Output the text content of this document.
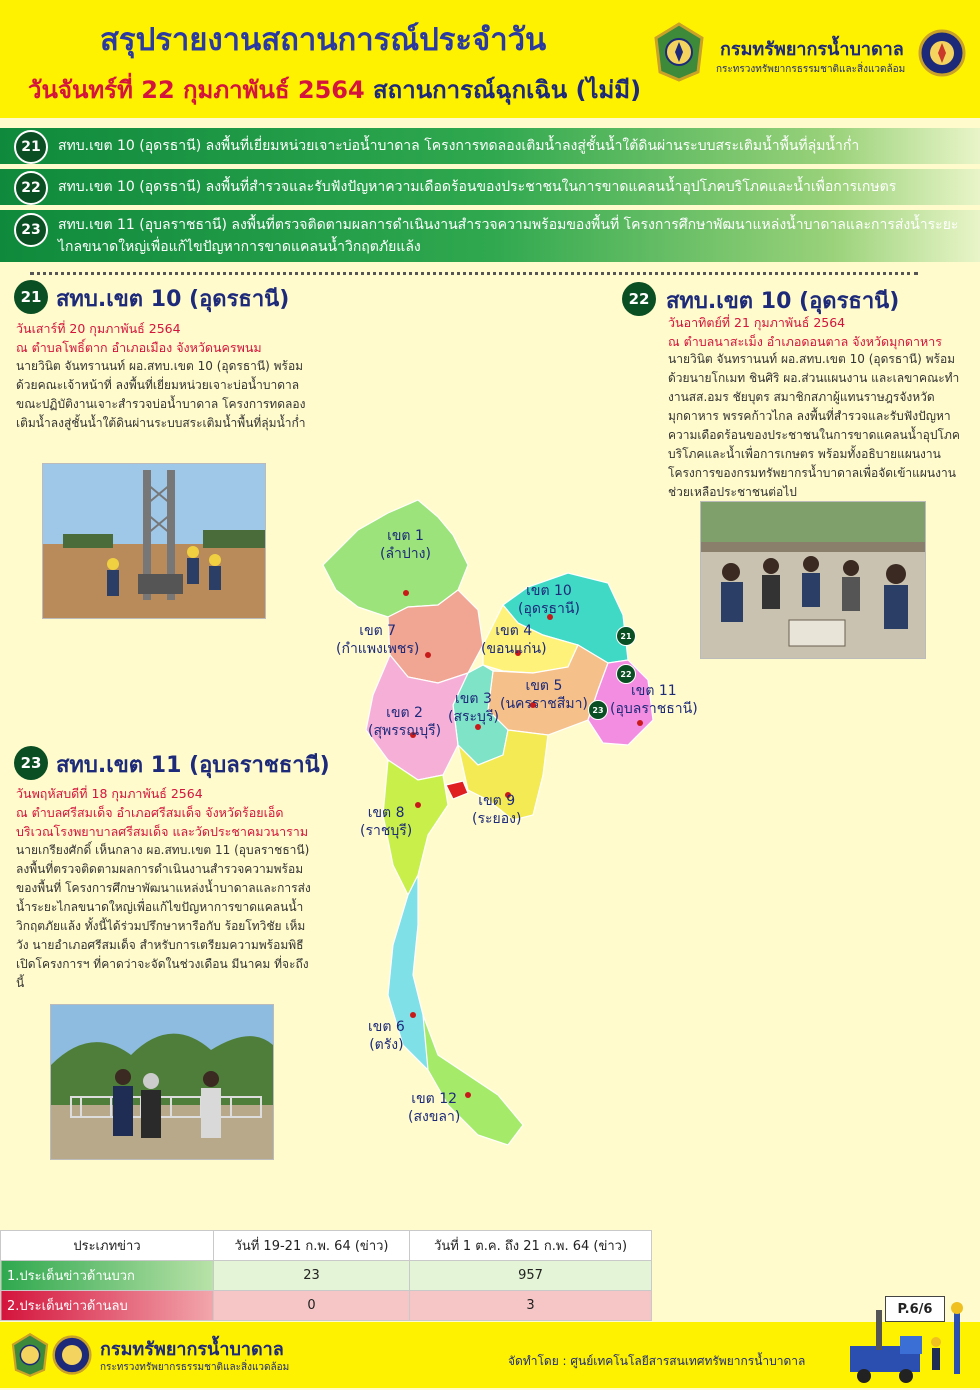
สรุปรายงานสถานการณ์ประจำวัน
วันจันทร์ที่ 22 กุมภาพันธ์ 2564 สถานการณ์ฉุกเฉิน (ไม่มี)
กรมทรัพยากรน้ำบาดาล
กระทรวงทรัพยากรธรรมชาติและสิ่งแวดล้อม
21	สทบ.เขต 10 (อุดรธานี) ลงพื้นที่เยี่ยมหน่วยเจาะบ่อน้ำบาดาล โครงการทดลองเติมน้ำลงสู่ชั้นน้ำใต้ดินผ่านระบบสระเติมน้ำพื้นที่ลุ่มน้ำก่ำ
22	สทบ.เขต 10 (อุดรธานี) ลงพื้นที่สำรวจและรับฟังปัญหาความเดือดร้อนของประชาชนในการขาดแคลนน้ำอุปโภคบริโภคและน้ำเพื่อการเกษตร
23	สทบ.เขต 11 (อุบลราชธานี) ลงพื้นที่ตรวจติดตามผลการดำเนินงานสำรวจความพร้อมของพื้นที่ โครงการศึกษาพัฒนาแหล่งน้ำบาดาลและการส่งน้ำระยะไกลขนาดใหญ่เพื่อแก้ไขปัญหาการขาดแคลนน้ำวิกฤตภัยแล้ง
21 สทบ.เขต 10 (อุดรธานี)
วันเสาร์ที่ 20 กุมภาพันธ์ 2564
ณ ตำบลโพธิ์ตาก อำเภอเมือง จังหวัดนครพนม
นายวินิต จันทรานนท์ ผอ.สทบ.เขต 10 (อุดรธานี) พร้อมด้วยคณะเจ้าหน้าที่ ลงพื้นที่เยี่ยมหน่วยเจาะบ่อน้ำบาดาลขณะปฏิบัติงานเจาะสำรวจบ่อน้ำบาดาล โครงการทดลองเติมน้ำลงสู่ชั้นน้ำใต้ดินผ่านระบบสระเติมน้ำพื้นที่ลุ่มน้ำก่ำ
22 สทบ.เขต 10 (อุดรธานี)
วันอาทิตย์ที่ 21 กุมภาพันธ์ 2564
ณ ตำบลนาสะเม็ง อำเภอดอนตาล จังหวัดมุกดาหาร
นายวินิต จันทรานนท์ ผอ.สทบ.เขต 10 (อุดรธานี) พร้อมด้วยนายโกเมท ชินศิริ ผอ.ส่วนแผนงาน และเลขาคณะทำงานสส.อมร ชัยบุตร สมาชิกสภาผู้แทนราษฎรจังหวัดมุกดาหาร พรรคก้าวไกล ลงพื้นที่สำรวจและรับฟังปัญหาความเดือดร้อนของประชาชนในการขาดแคลนน้ำอุปโภคบริโภคและน้ำเพื่อการเกษตร พร้อมทั้งอธิบายแผนงานโครงการของกรมทรัพยากรน้ำบาดาลเพื่อจัดเข้าแผนงานช่วยเหลือประชาชนต่อไป
23 สทบ.เขต 11 (อุบลราชธานี)
วันพฤหัสบดีที่ 18 กุมภาพันธ์ 2564
ณ ตำบลศรีสมเด็จ อำเภอศรีสมเด็จ จังหวัดร้อยเอ็ด
บริเวณโรงพยาบาลศรีสมเด็จ และวัดประชาคมวนาราม
นายเกรียงศักดิ์ เห็นกลาง ผอ.สทบ.เขต 11 (อุบลราชธานี) ลงพื้นที่ตรวจติดตามผลการดำเนินงานสำรวจความพร้อมของพื้นที่ โครงการศึกษาพัฒนาแหล่งน้ำบาดาลและการส่งน้ำระยะไกลขนาดใหญ่เพื่อแก้ไขปัญหาการขาดแคลนน้ำวิกฤตภัยแล้ง ทั้งนี้ได้ร่วมปรึกษาหารือกับ ร้อยโทวิชัย เห็มวัง นายอำเภอศรีสมเด็จ สำหรับการเตรียมความพร้อมพิธีเปิดโครงการฯ ที่คาดว่าจะจัดในช่วงเดือน มีนาคม ที่จะถึงนี้
เขต 1
(ลำปาง)
เขต 10
(อุดรธานี)
เขต 7
(กำแพงเพชร)
เขต 4
(ขอนแก่น)
เขต 5
(นครราชสีมา)
เขต 11
(อุบลราชธานี)
เขต 3
(สระบุรี)
เขต 2
(สุพรรณบุรี)
เขต 8
(ราชบุรี)
เขต 9
(ระยอง)
เขต 6
(ตรัง)
เขต 12
(สงขลา)
21
22
23
ประเภทข่าว	วันที่ 19-21 ก.พ. 64 (ข่าว)	วันที่ 1 ต.ค. ถึง 21 ก.พ. 64 (ข่าว)
1.ประเด็นข่าวด้านบวก	23	957
2.ประเด็นข่าวด้านลบ	0	3	P.6/6
กรมทรัพยากรน้ำบาดาล
กระทรวงทรัพยากรธรรมชาติและสิ่งแวดล้อม	จัดทำโดย : ศูนย์เทคโนโลยีสารสนเทศทรัพยากรน้ำบาดาล
